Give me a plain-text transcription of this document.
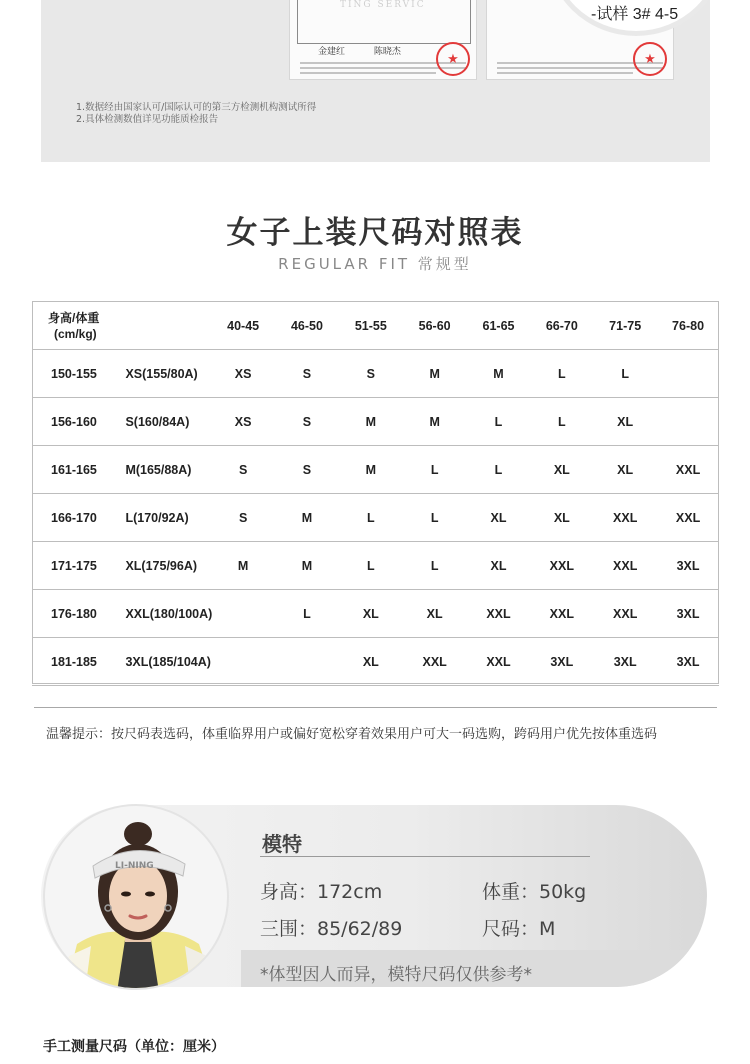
TING SERVIC
金建红	陈晓杰	★	★
-试样 3# 4-5
1.数据经由国家认可/国际认可的第三方检测机构测试所得
2.具体检测数值详见功能质检报告
女子上装尺码对照表
REGULAR FIT 常规型
身高/体重
(cm/kg)		40-45	46-50	51-55	56-60	61-65	66-70	71-75	76-80
150-155	XS(155/80A)	XS	S	S	M	M	L	L	
156-160	S(160/84A)	XS	S	M	M	L	L	XL	
161-165	M(165/88A)	S	S	M	L	L	XL	XL	XXL
166-170	L(170/92A)	S	M	L	L	XL	XL	XXL	XXL
171-175	XL(175/96A)	M	M	L	L	XL	XXL	XXL	3XL
176-180	XXL(180/100A)		L	XL	XL	XXL	XXL	XXL	3XL
181-185	3XL(185/104A)			XL	XXL	XXL	3XL	3XL	3XL
温馨提示：按尺码表选码，体重临界用户或偏好宽松穿着效果用户可大一码选购，跨码用户优先按体重选码
LI-NING
模特
身高：172cm	体重：50kg
三围：85/62/89	尺码：M
*体型因人而异，模特尺码仅供参考*
手工测量尺码（单位：厘米）
